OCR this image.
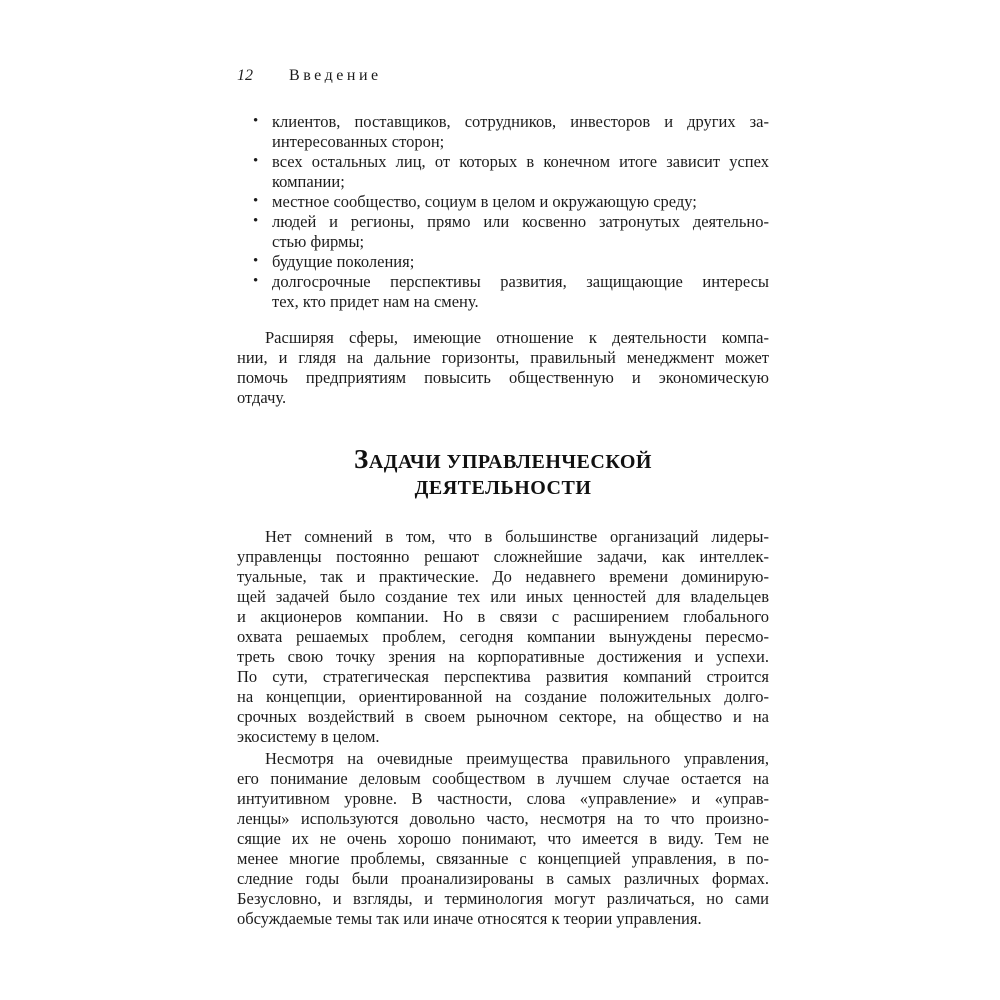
12 Введение
• клиентов, поставщиков, сотрудников, инвесторов и других за-
интересованных сторон;
• всех остальных лиц, от которых в конечном итоге зависит успех
компании;
• местное сообщество, социум в целом и окружающую среду;
• людей и регионы, прямо или косвенно затронутых деятельно-
стью фирмы;
• будущие поколения;
• долгосрочные перспективы развития, защищающие интересы
тех, кто придет нам на смену.
Расширяя сферы, имеющие отношение к деятельности компа-
нии, и глядя на дальние горизонты, правильный менеджмент может
помочь предприятиям повысить общественную и экономическую
отдачу.
ЗАДАЧИ УПРАВЛЕНЧЕСКОЙ
ДЕЯТЕЛЬНОСТИ
Нет сомнений в том, что в большинстве организаций лидеры-
управленцы постоянно решают сложнейшие задачи, как интеллек-
туальные, так и практические. До недавнего времени доминирую-
щей задачей было создание тех или иных ценностей для владельцев
и акционеров компании. Но в связи с расширением глобального
охвата решаемых проблем, сегодня компании вынуждены пересмо-
треть свою точку зрения на корпоративные достижения и успехи.
По сути, стратегическая перспектива развития компаний строится
на концепции, ориентированной на создание положительных долго-
срочных воздействий в своем рыночном секторе, на общество и на
экосистему в целом.
Несмотря на очевидные преимущества правильного управления,
его понимание деловым сообществом в лучшем случае остается на
интуитивном уровне. В частности, слова «управление» и «управ-
ленцы» используются довольно часто, несмотря на то что произно-
сящие их не очень хорошо понимают, что имеется в виду. Тем не
менее многие проблемы, связанные с концепцией управления, в по-
следние годы были проанализированы в самых различных формах.
Безусловно, и взгляды, и терминология могут различаться, но сами
обсуждаемые темы так или иначе относятся к теории управления.
